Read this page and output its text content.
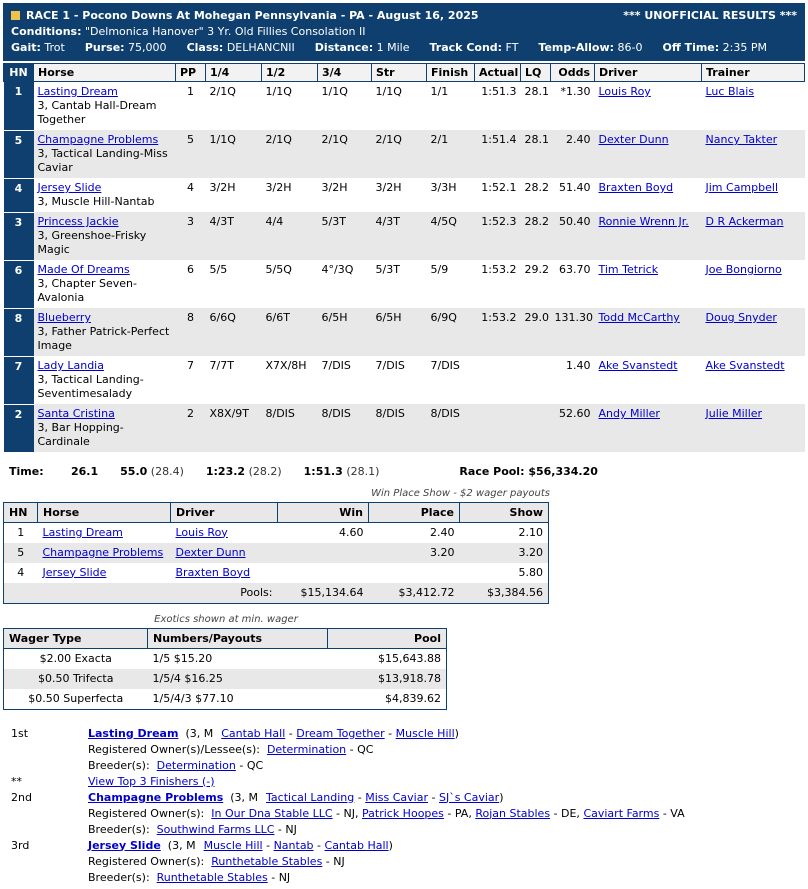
RACE 1 - Pocono Downs At Mohegan Pennsylvania - PA - August 16, 2025	*** UNOFFICIAL RESULTS ***
Conditions: "Delmonica Hanover" 3 Yr. Old Fillies Consolation II
Gait: Trot Purse: 75,000 Class: DELHANCNII Distance: 1 Mile Track Cond: FT Temp-Allow: 86-0 Off Time: 2:35 PM
HN	Horse	PP	1/4	1/2	3/4	Str	Finish	Actual	LQ	Odds	Driver	Trainer
1	Lasting Dream
3, Cantab Hall-Dream Together	1	2/1Q	1/1Q	1/1Q	1/1Q	1/1	1:51.3	28.1	*1.30	Louis Roy	Luc Blais
5	Champagne Problems
3, Tactical Landing-Miss Caviar	5	1/1Q	2/1Q	2/1Q	2/1Q	2/1	1:51.4	28.1	2.40	Dexter Dunn	Nancy Takter
4	Jersey Slide
3, Muscle Hill-Nantab	4	3/2H	3/2H	3/2H	3/2H	3/3H	1:52.1	28.2	51.40	Braxten Boyd	Jim Campbell
3	Princess Jackie
3, Greenshoe-Frisky Magic	3	4/3T	4/4	5/3T	4/3T	4/5Q	1:52.3	28.2	50.40	Ronnie Wrenn Jr.	D R Ackerman
6	Made Of Dreams
3, Chapter Seven-Avalonia	6	5/5	5/5Q	4°/3Q	5/3T	5/9	1:53.2	29.2	63.70	Tim Tetrick	Joe Bongiorno
8	Blueberry
3, Father Patrick-Perfect Image	8	6/6Q	6/6T	6/5H	6/5H	6/9Q	1:53.2	29.0	131.30	Todd McCarthy	Doug Snyder
7	Lady Landia
3, Tactical Landing-Seventimesalady	7	7/7T	X7X/8H	7/DIS	7/DIS	7/DIS			1.40	Ake Svanstedt	Ake Svanstedt
2	Santa Cristina
3, Bar Hopping-Cardinale	2	X8X/9T	8/DIS	8/DIS	8/DIS	8/DIS			52.60	Andy Miller	Julie Miller
Time:	26.1 55.0 (28.4) 1:23.2 (28.2) 1:51.3 (28.1)	Race Pool: $56,334.20
Win Place Show - $2 wager payouts
HN	Horse	Driver	Win	Place	Show
1	Lasting Dream	Louis Roy	4.60	2.40	2.10
5	Champagne Problems	Dexter Dunn		3.20	3.20
4	Jersey Slide	Braxten Boyd			5.80
		Pools:	$15,134.64	$3,412.72	$3,384.56
Exotics shown at min. wager
Wager Type	Numbers/Payouts	Pool
$2.00 Exacta	1/5 $15.20	$15,643.88
$0.50 Trifecta	1/5/4 $16.25	$13,918.78
$0.50 Superfecta	1/5/4/3 $77.10	$4,839.62
1st	Lasting Dream  (3, M Cantab Hall - Dream Together - Muscle Hill)
Registered Owner(s)/Lessee(s):  Determination - QC
Breeder(s):  Determination - QC
**	View Top 3 Finishers (-)
2nd	Champagne Problems  (3, M Tactical Landing - Miss Caviar - SJ`s Caviar)
Registered Owner(s):  In Our Dna Stable LLC - NJ, Patrick Hoopes - PA, Rojan Stables - DE, Caviart Farms - VA
Breeder(s):  Southwind Farms LLC - NJ
3rd	Jersey Slide  (3, M Muscle Hill - Nantab - Cantab Hall)
Registered Owner(s):  Runthetable Stables - NJ
Breeder(s):  Runthetable Stables - NJ
